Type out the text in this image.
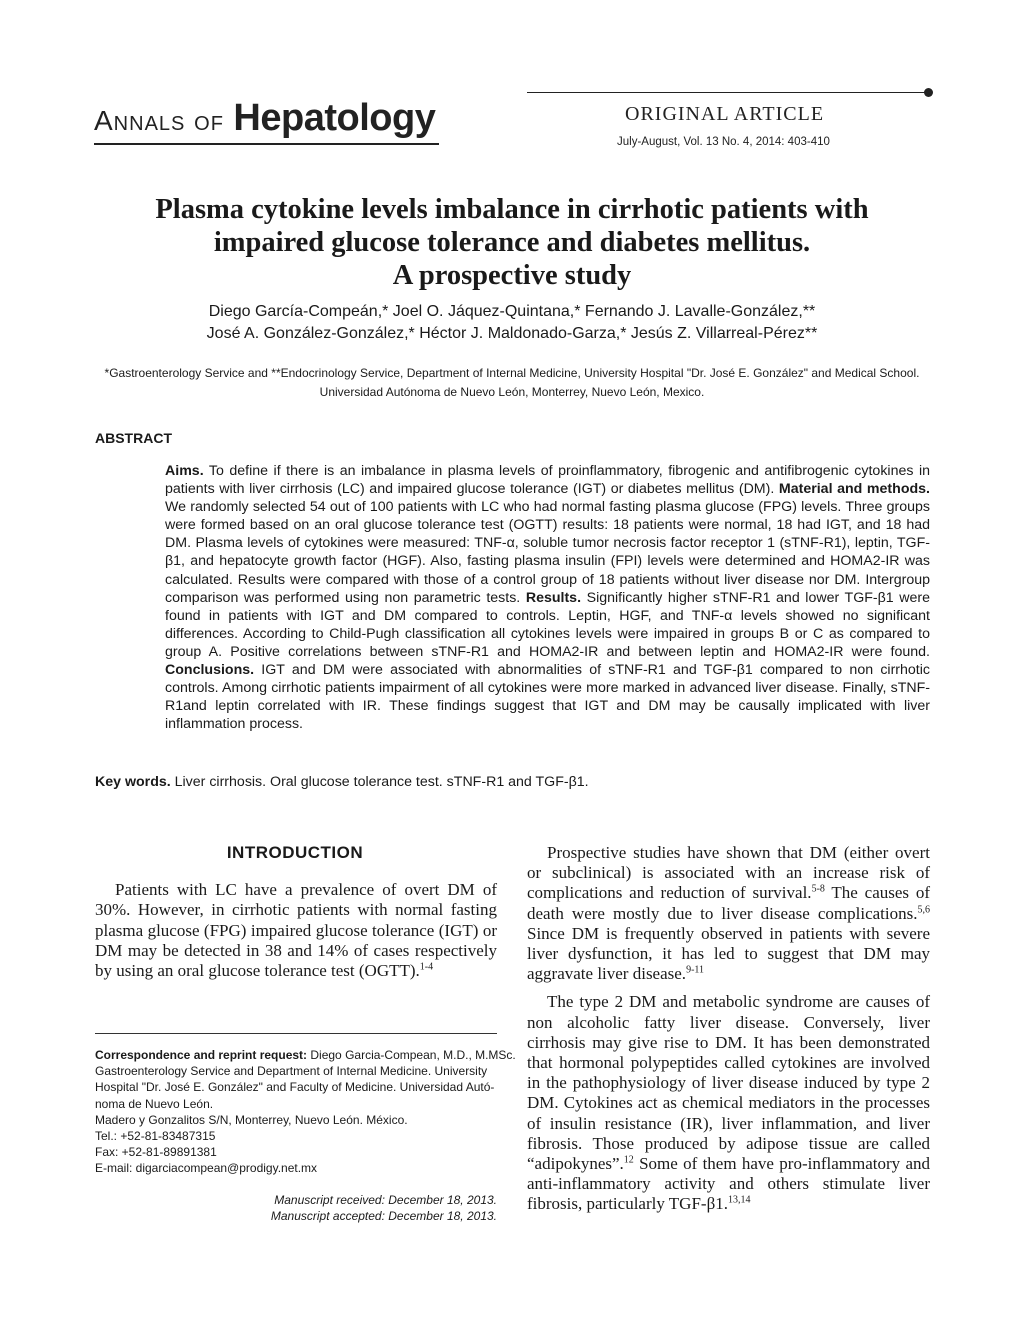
Annals of Hepatology	ORIGINAL ARTICLE
July-August, Vol. 13 No. 4, 2014: 403-410
Plasma cytokine levels imbalance in cirrhotic patients with
impaired glucose tolerance and diabetes mellitus.
A prospective study
Diego García-Compeán,* Joel O. Jáquez-Quintana,* Fernando J. Lavalle-González,**
José A. González-González,* Héctor J. Maldonado-Garza,* Jesús Z. Villarreal-Pérez**
*Gastroenterology Service and **Endocrinology Service, Department of Internal Medicine, University Hospital "Dr. José E. González" and Medical School.
Universidad Autónoma de Nuevo León, Monterrey, Nuevo León, Mexico.
ABSTRACT
Aims. To define if there is an imbalance in plasma levels of proinflammatory, fibrogenic and antifibrogenic cytokines in patients with liver cirrhosis (LC) and impaired glucose tolerance (IGT) or diabetes mellitus (DM). Material and methods. We randomly selected 54 out of 100 patients with LC who had normal fasting plasma glucose (FPG) levels. Three groups were formed based on an oral glucose tolerance test (OGTT) results: 18 patients were normal, 18 had IGT, and 18 had DM. Plasma levels of cytokines were measured: TNF-α, soluble tumor necrosis factor receptor 1 (sTNF-R1), leptin, TGF-β1, and hepatocyte growth factor (HGF). Also, fasting plasma insulin (FPI) levels were determined and HOMA2-IR was calculated. Results were compared with those of a control group of 18 patients without liver disease nor DM. Intergroup comparison was performed using non parametric tests. Results. Significantly higher sTNF-R1 and lower TGF-β1 were found in patients with IGT and DM compared to controls. Leptin, HGF, and TNF-α levels showed no significant differences. According to Child-Pugh classification all cytokines levels were impaired in groups B or C as compared to group A. Positive correlations between sTNF-R1 and HOMA2-IR and between leptin and HOMA2-IR were found. Conclusions. IGT and DM were associated with abnormalities of sTNF-R1 and TGF-β1 compared to non cirrhotic controls. Among cirrhotic patients impairment of all cytokines were more marked in advanced liver disease. Finally, sTNF-R1and leptin correlated with IR. These findings suggest that IGT and DM may be causally implicated with liver inflammation process.
Key words. Liver cirrhosis. Oral glucose tolerance test. sTNF-R1 and TGF-β1.
INTRODUCTION
Patients with LC have a prevalence of overt DM of 30%. However, in cirrhotic patients with normal fasting plasma glucose (FPG) impaired glucose tolerance (IGT) or DM may be detected in 38 and 14% of cases respectively by using an oral glucose tolerance test (OGTT).$^{1-4}$
Correspondence and reprint request: Diego Garcia-Compean, M.D., M.MSc.
Gastroenterology Service and Department of Internal Medicine. University
Hospital "Dr. José E. González" and Faculty of Medicine. Universidad Autó-
noma de Nuevo León.
Madero y Gonzalitos S/N, Monterrey, Nuevo León. México.
Tel.: +52-81-83487315
Fax: +52-81-89891381
E-mail: digarciacompean@prodigy.net.mx
Manuscript received: December 18, 2013.
Manuscript accepted: December 18, 2013.

Prospective studies have shown that DM (either overt or subclinical) is associated with an increase risk of complications and reduction of survival.$^{5-8}$ The causes of death were mostly due to liver disease complications.$^{5,6}$ Since DM is frequently observed in patients with severe liver dysfunction, it has led to suggest that DM may aggravate liver disease.$^{9-11}$

The type 2 DM and metabolic syndrome are causes of non alcoholic fatty liver disease. Conversely, liver cirrhosis may give rise to DM. It has been demonstrated that hormonal polypeptides called cytokines are involved in the pathophysiology of liver disease induced by type 2 DM. Cytokines act as chemical mediators in the processes of insulin resistance (IR), liver inflammation, and liver fibrosis. Those produced by adipose tissue are called “adipokynes”.$^{12}$ Some of them have pro-inflammatory and anti-inflammatory activity and others stimulate liver fibrosis, particularly TGF-β1.$^{13,14}$
